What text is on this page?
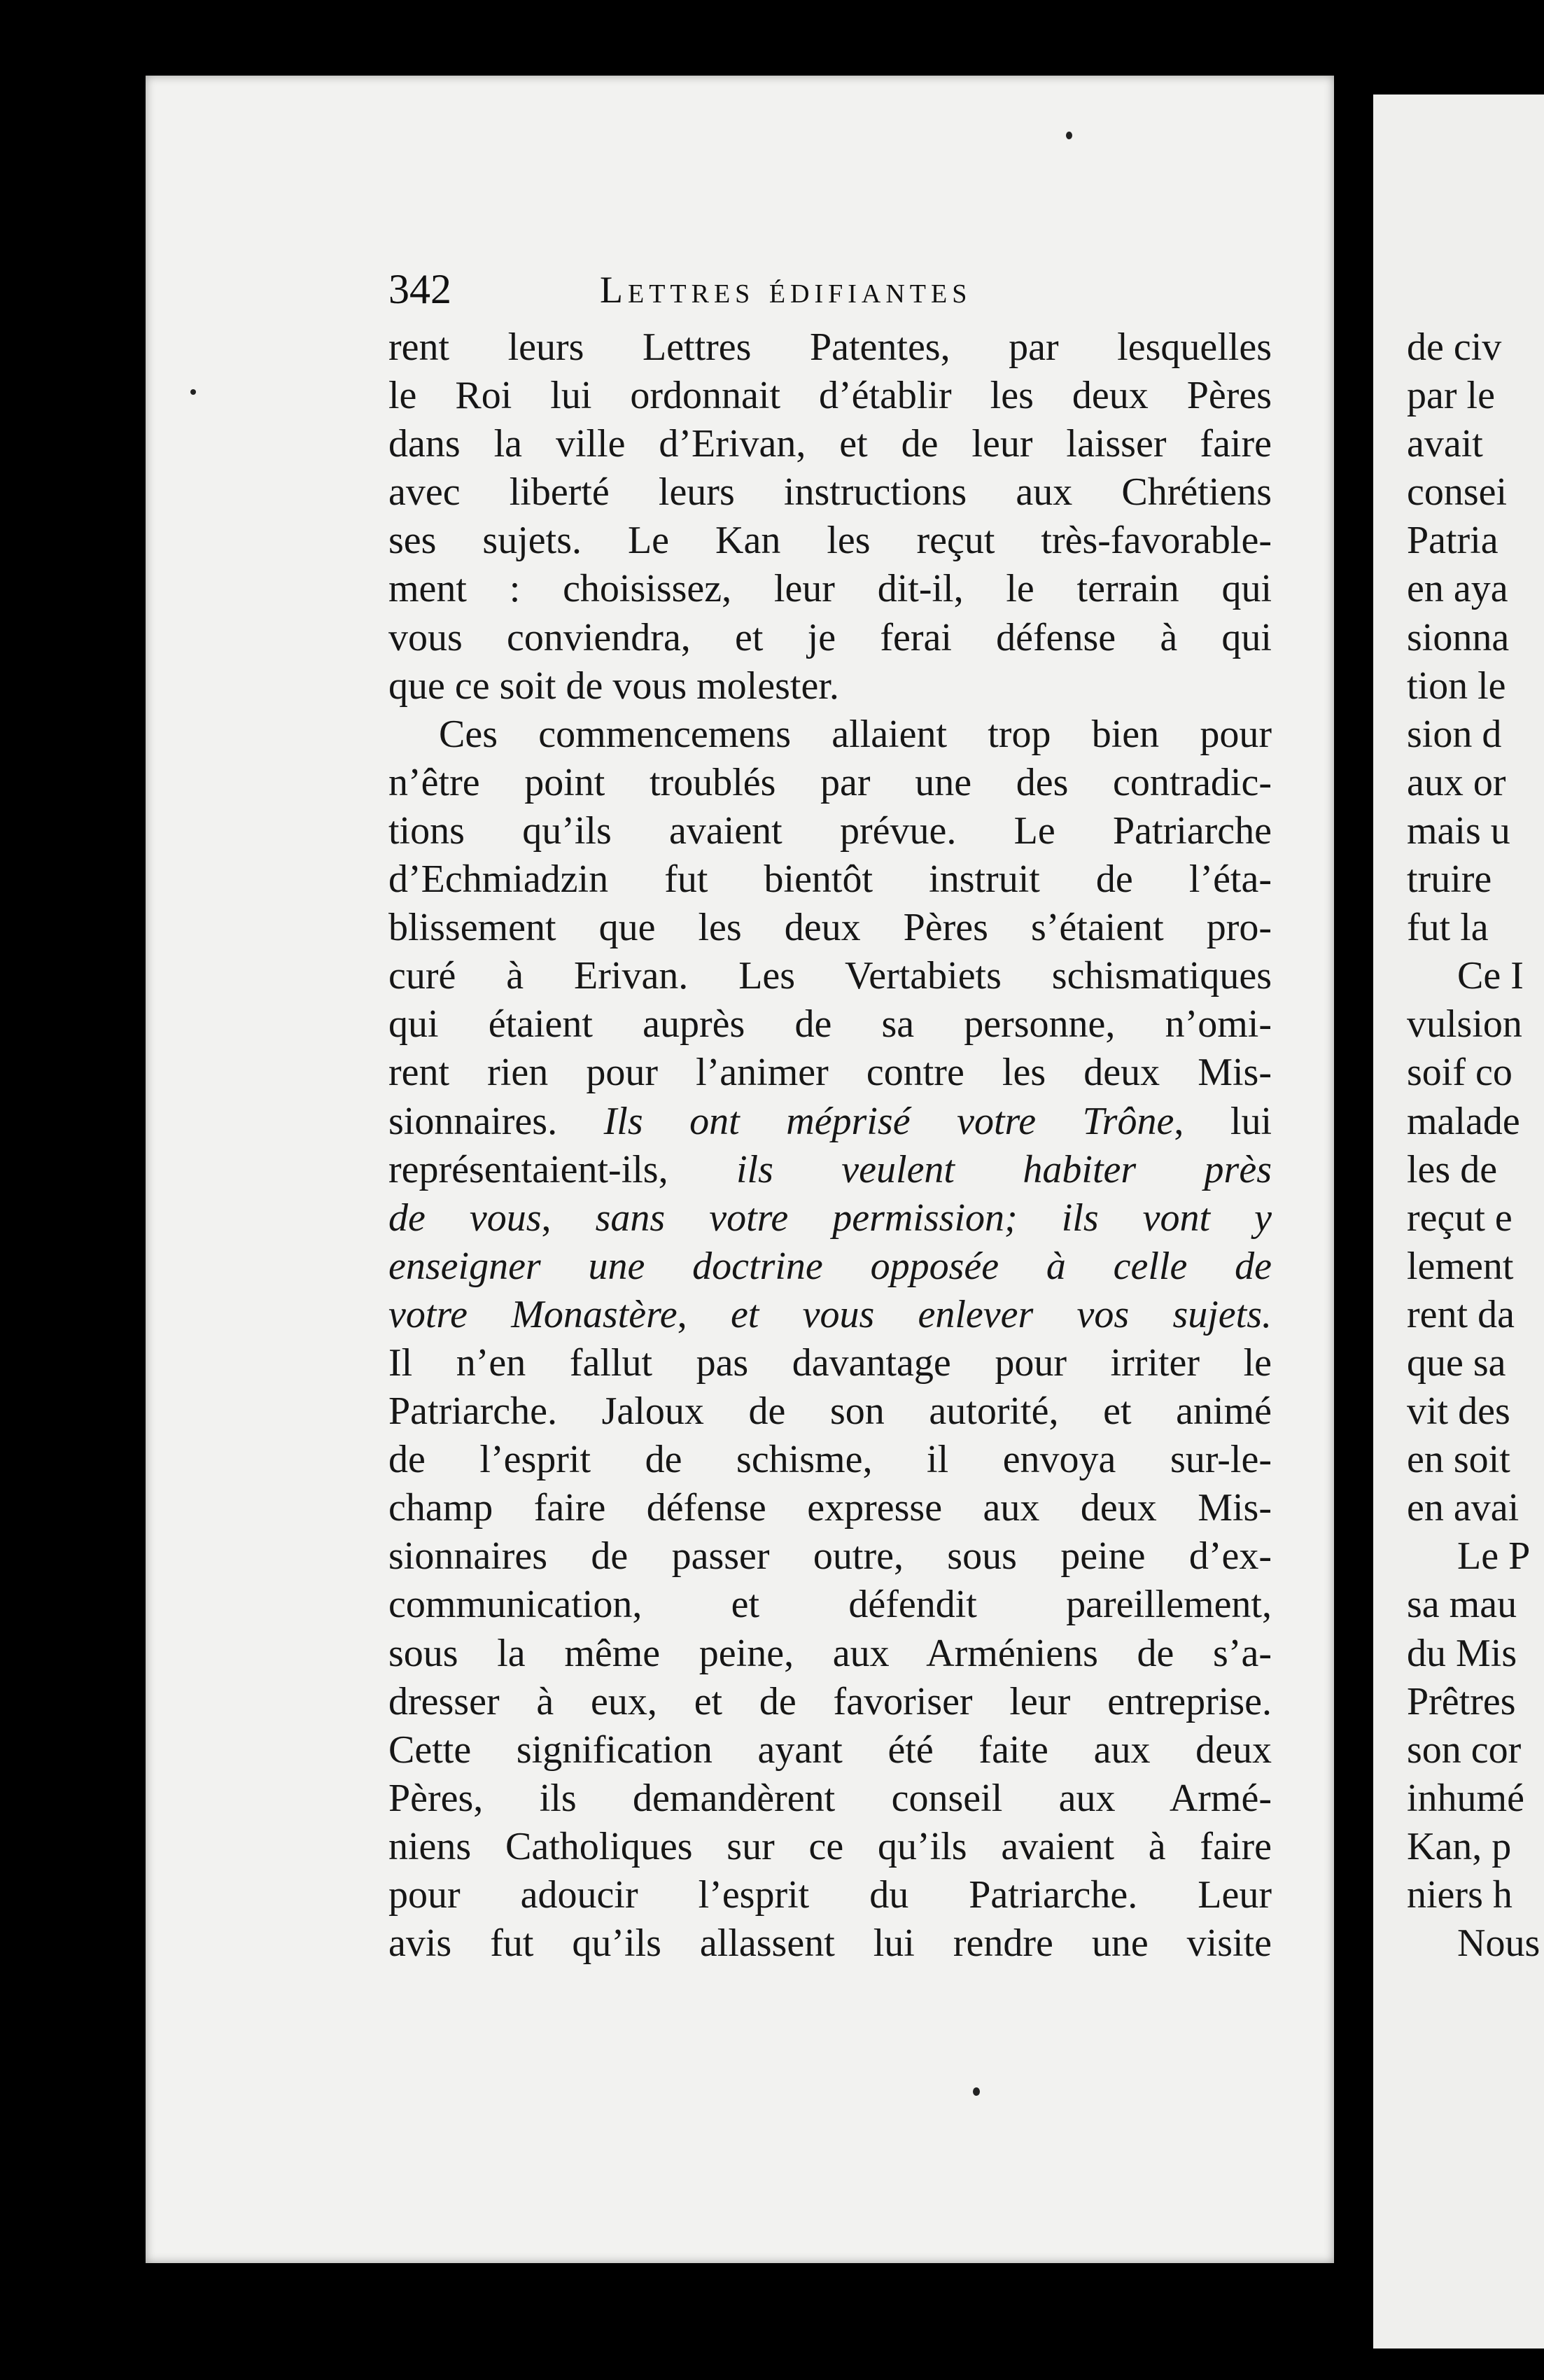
342	Lettres édifiantes
rent leurs Lettres Patentes, par lesquelles
le Roi lui ordonnait d’établir les deux Pères
dans la ville d’Erivan, et de leur laisser faire
avec liberté leurs instructions aux Chrétiens
ses sujets. Le Kan les reçut très-favorable-
ment : choisissez, leur dit-il, le terrain qui
vous conviendra, et je ferai défense à qui
que ce soit de vous molester.
Ces commencemens allaient trop bien pour
n’être point troublés par une des contradic-
tions qu’ils avaient prévue. Le Patriarche
d’Echmiadzin fut bientôt instruit de l’éta-
blissement que les deux Pères s’étaient pro-
curé à Erivan. Les Vertabiets schismatiques
qui étaient auprès de sa personne, n’omi-
rent rien pour l’animer contre les deux Mis-
sionnaires. Ils ont méprisé votre Trône, lui
représentaient-ils, ils veulent habiter près
de vous, sans votre permission; ils vont y
enseigner une doctrine opposée à celle de
votre Monastère, et vous enlever vos sujets.
Il n’en fallut pas davantage pour irriter le
Patriarche. Jaloux de son autorité, et animé
de l’esprit de schisme, il envoya sur-le-
champ faire défense expresse aux deux Mis-
sionnaires de passer outre, sous peine d’ex-
communication, et défendit pareillement,
sous la même peine, aux Arméniens de s’a-
dresser à eux, et de favoriser leur entreprise.
Cette signification ayant été faite aux deux
Pères, ils demandèrent conseil aux Armé-
niens Catholiques sur ce qu’ils avaient à faire
pour adoucir l’esprit du Patriarche. Leur
avis fut qu’ils allassent lui rendre une visite
de civ
par le
avait
consei
Patria
en aya
sionna
tion le
sion d
aux or
mais u
truire
fut la
Ce I
vulsion
soif co
malade
les de
reçut e
lement
rent da
que sa
vit des
en soit
en avai
Le P
sa mau
du Mis
Prêtres
son cor
inhumé
Kan, p
niers h
Nous
